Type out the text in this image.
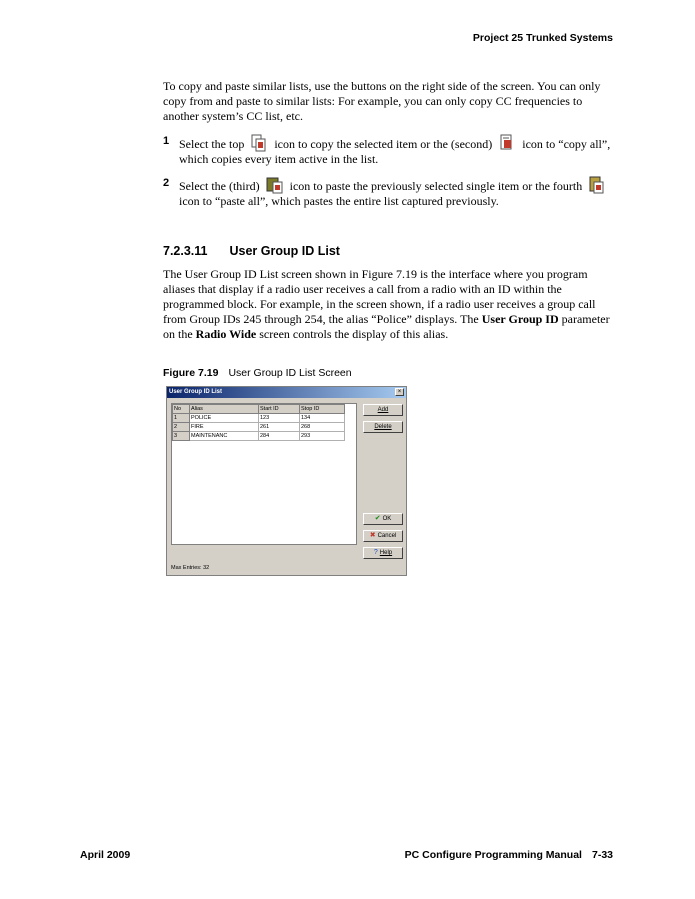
Project 25 Trunked Systems
To copy and paste similar lists, use the buttons on the right side of the screen. You can only copy from and paste to similar lists: For example, you can only copy CC frequencies to another system’s CC list, etc.
1 Select the top	icon to copy the selected item or the (second)	icon to “copy all”, which copies every item active in the list.
2 Select the (third)	icon to paste the previously selected single item or the fourth
icon to “paste all”, which pastes the entire list captured previously.
7.2.3.11 User Group ID List
The User Group ID List screen shown in Figure 7.19 is the interface where you program aliases that display if a radio user receives a call from a radio with an ID within the programmed block. For example, in the screen shown, if a radio user receives a group call from Group IDs 245 through 254, the alias “Police” displays. The User Group ID parameter on the Radio Wide screen controls the display of this alias.
Figure 7.19 User Group ID List Screen
User Group ID List	×
No	Alias	Start ID	Stop ID
1	POLICE	123	134
2	FIRE	261	268
3	MAINTENANC	284	293
Add
Delete
✔ OK
✖ Cancel
? Help
Max Entries: 32
April 2009	PC Configure Programming Manual 7-33
